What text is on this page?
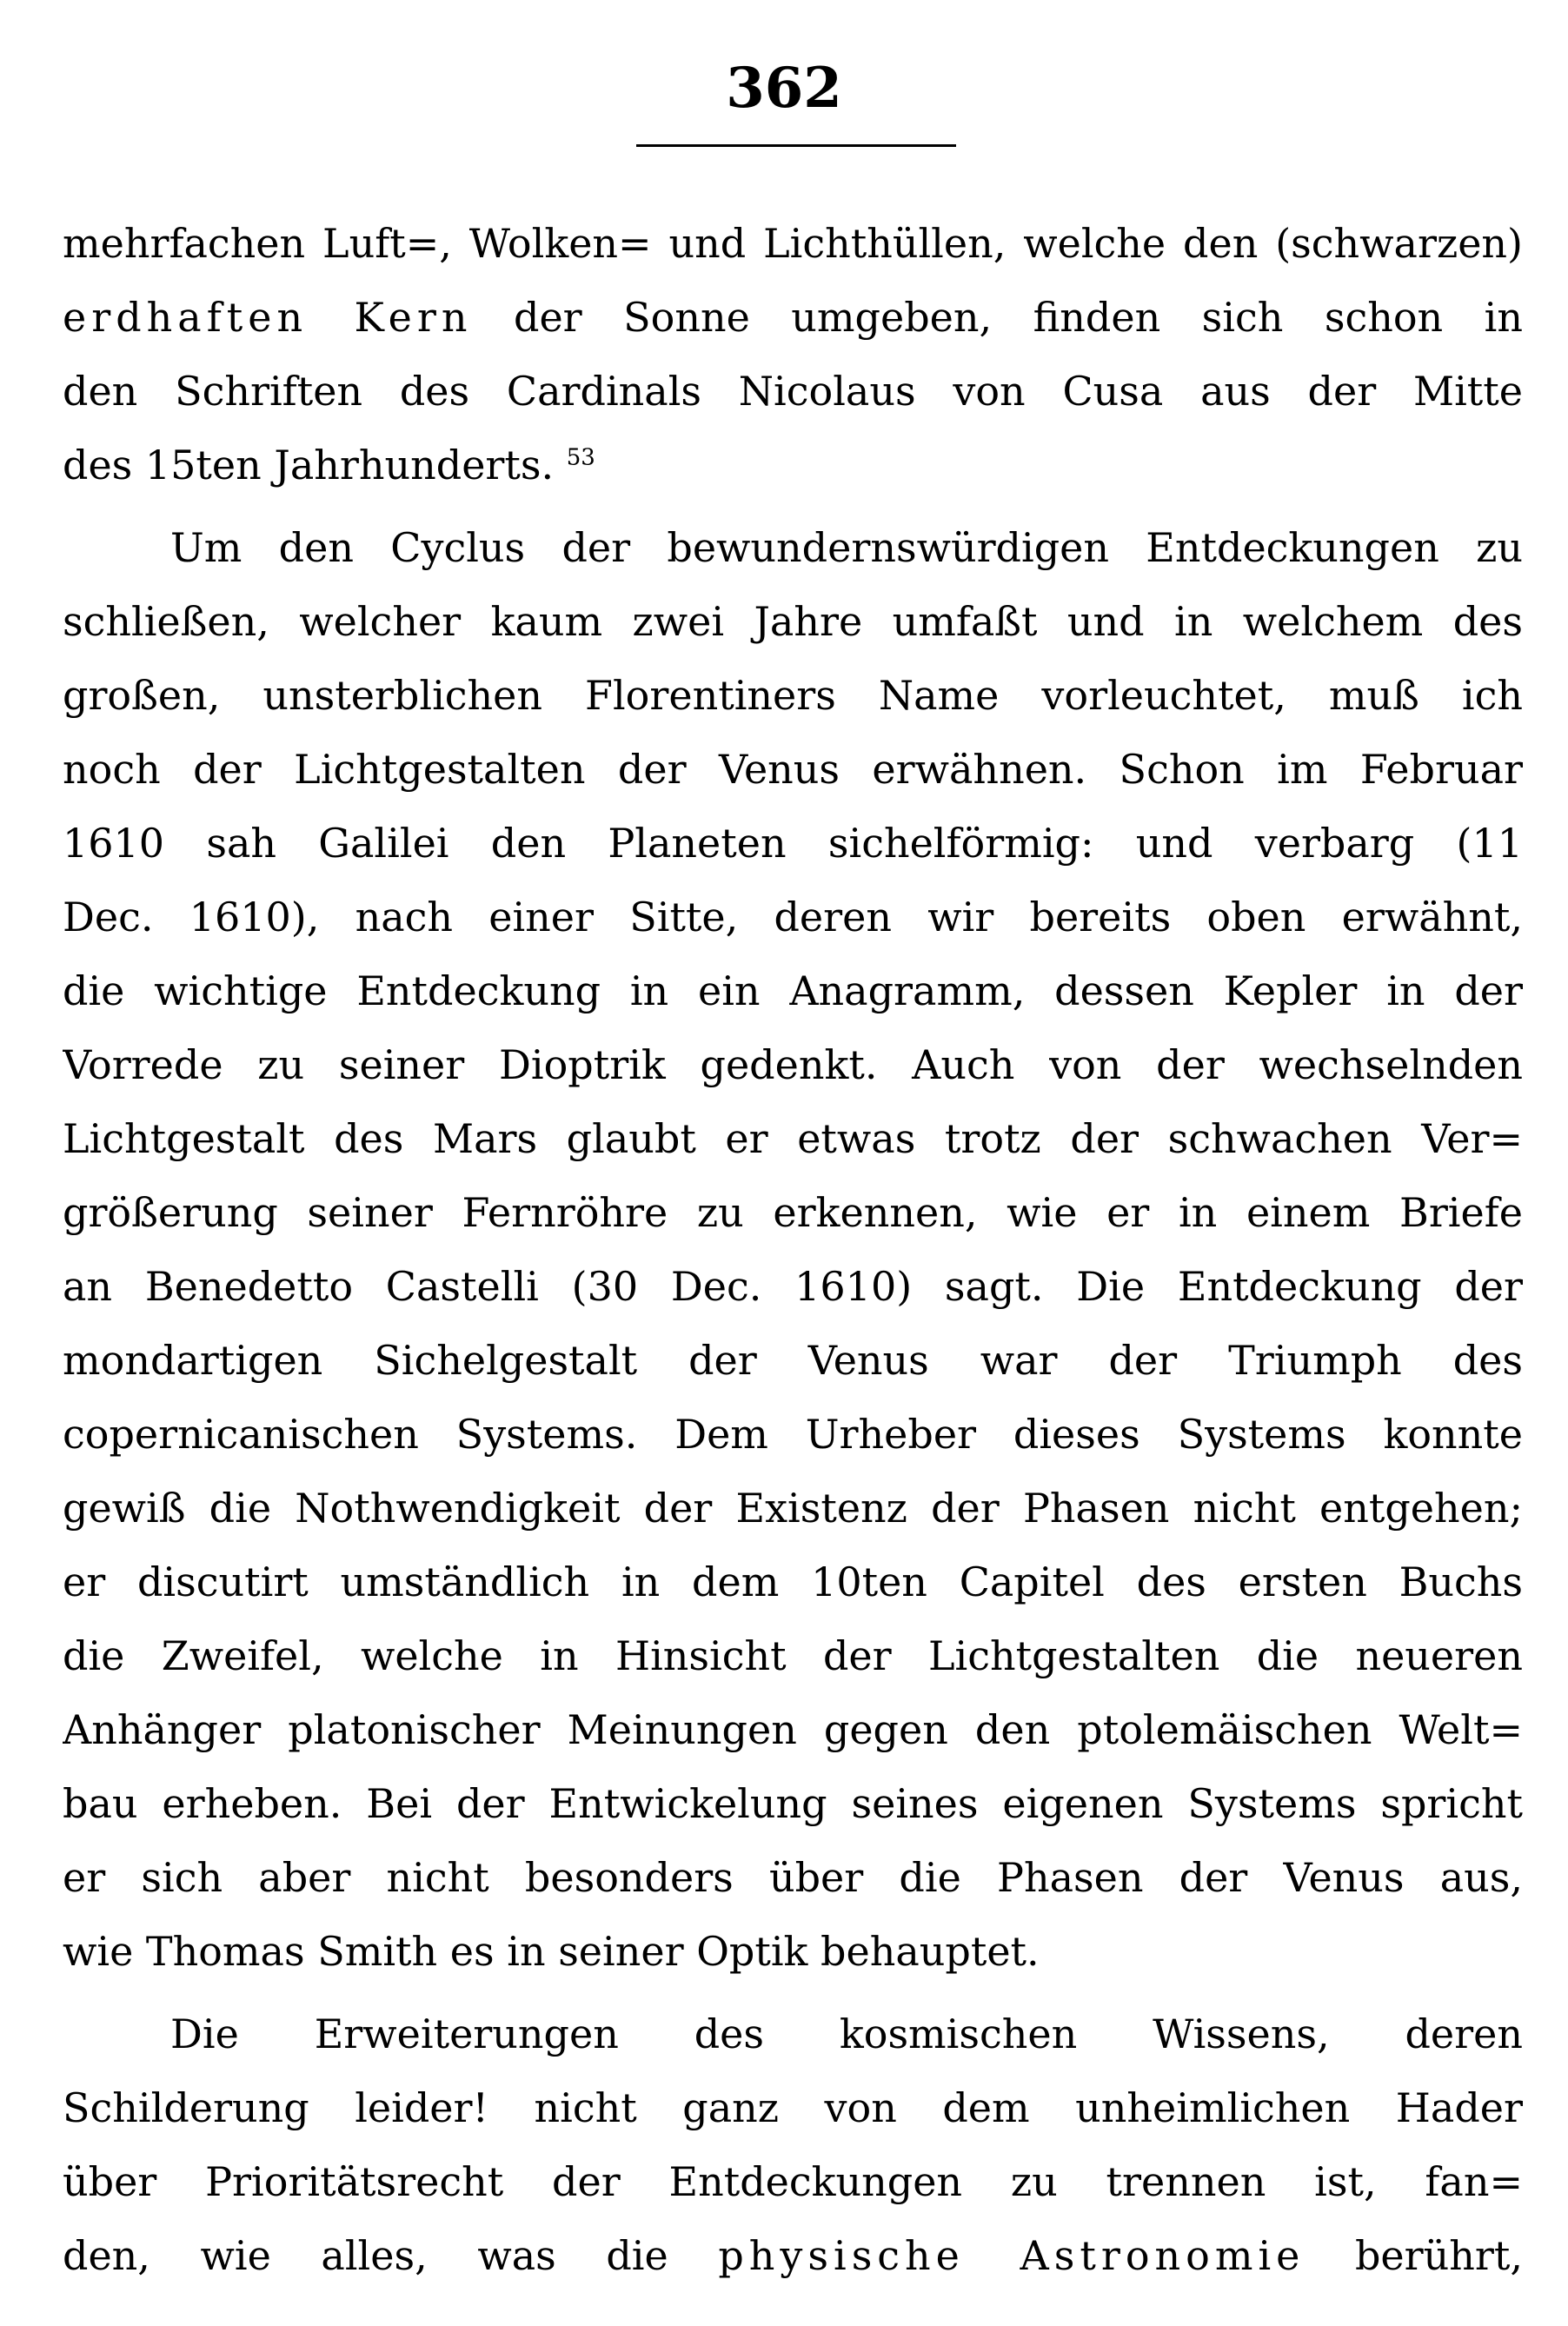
362
mehrfachen Luft=, Wolken= und Lichthüllen, welche den (schwarzen)
erdhaften Kern der Sonne umgeben, finden sich schon in
den Schriften des Cardinals Nicolaus von Cusa aus der Mitte
des 15ten Jahrhunderts. $^{53}$
Um den Cyclus der bewundernswürdigen Entdeckungen zu
schließen, welcher kaum zwei Jahre umfaßt und in welchem des
großen, unsterblichen Florentiners Name vorleuchtet, muß ich
noch der Lichtgestalten der Venus erwähnen. Schon im Februar
1610 sah Galilei den Planeten sichelförmig: und verbarg (11
Dec. 1610), nach einer Sitte, deren wir bereits oben erwähnt,
die wichtige Entdeckung in ein Anagramm, dessen Kepler in der
Vorrede zu seiner Dioptrik gedenkt. Auch von der wechselnden
Lichtgestalt des Mars glaubt er etwas trotz der schwachen Ver=
größerung seiner Fernröhre zu erkennen, wie er in einem Briefe
an Benedetto Castelli (30 Dec. 1610) sagt. Die Entdeckung der
mondartigen Sichelgestalt der Venus war der Triumph des
copernicanischen Systems. Dem Urheber dieses Systems konnte
gewiß die Nothwendigkeit der Existenz der Phasen nicht entgehen;
er discutirt umständlich in dem 10ten Capitel des ersten Buchs
die Zweifel, welche in Hinsicht der Lichtgestalten die neueren
Anhänger platonischer Meinungen gegen den ptolemäischen Welt=
bau erheben. Bei der Entwickelung seines eigenen Systems spricht
er sich aber nicht besonders über die Phasen der Venus aus,
wie Thomas Smith es in seiner Optik behauptet.
Die Erweiterungen des kosmischen Wissens, deren
Schilderung leider! nicht ganz von dem unheimlichen Hader
über Prioritätsrecht der Entdeckungen zu trennen ist, fan=
den, wie alles, was die physische Astronomie berührt,
